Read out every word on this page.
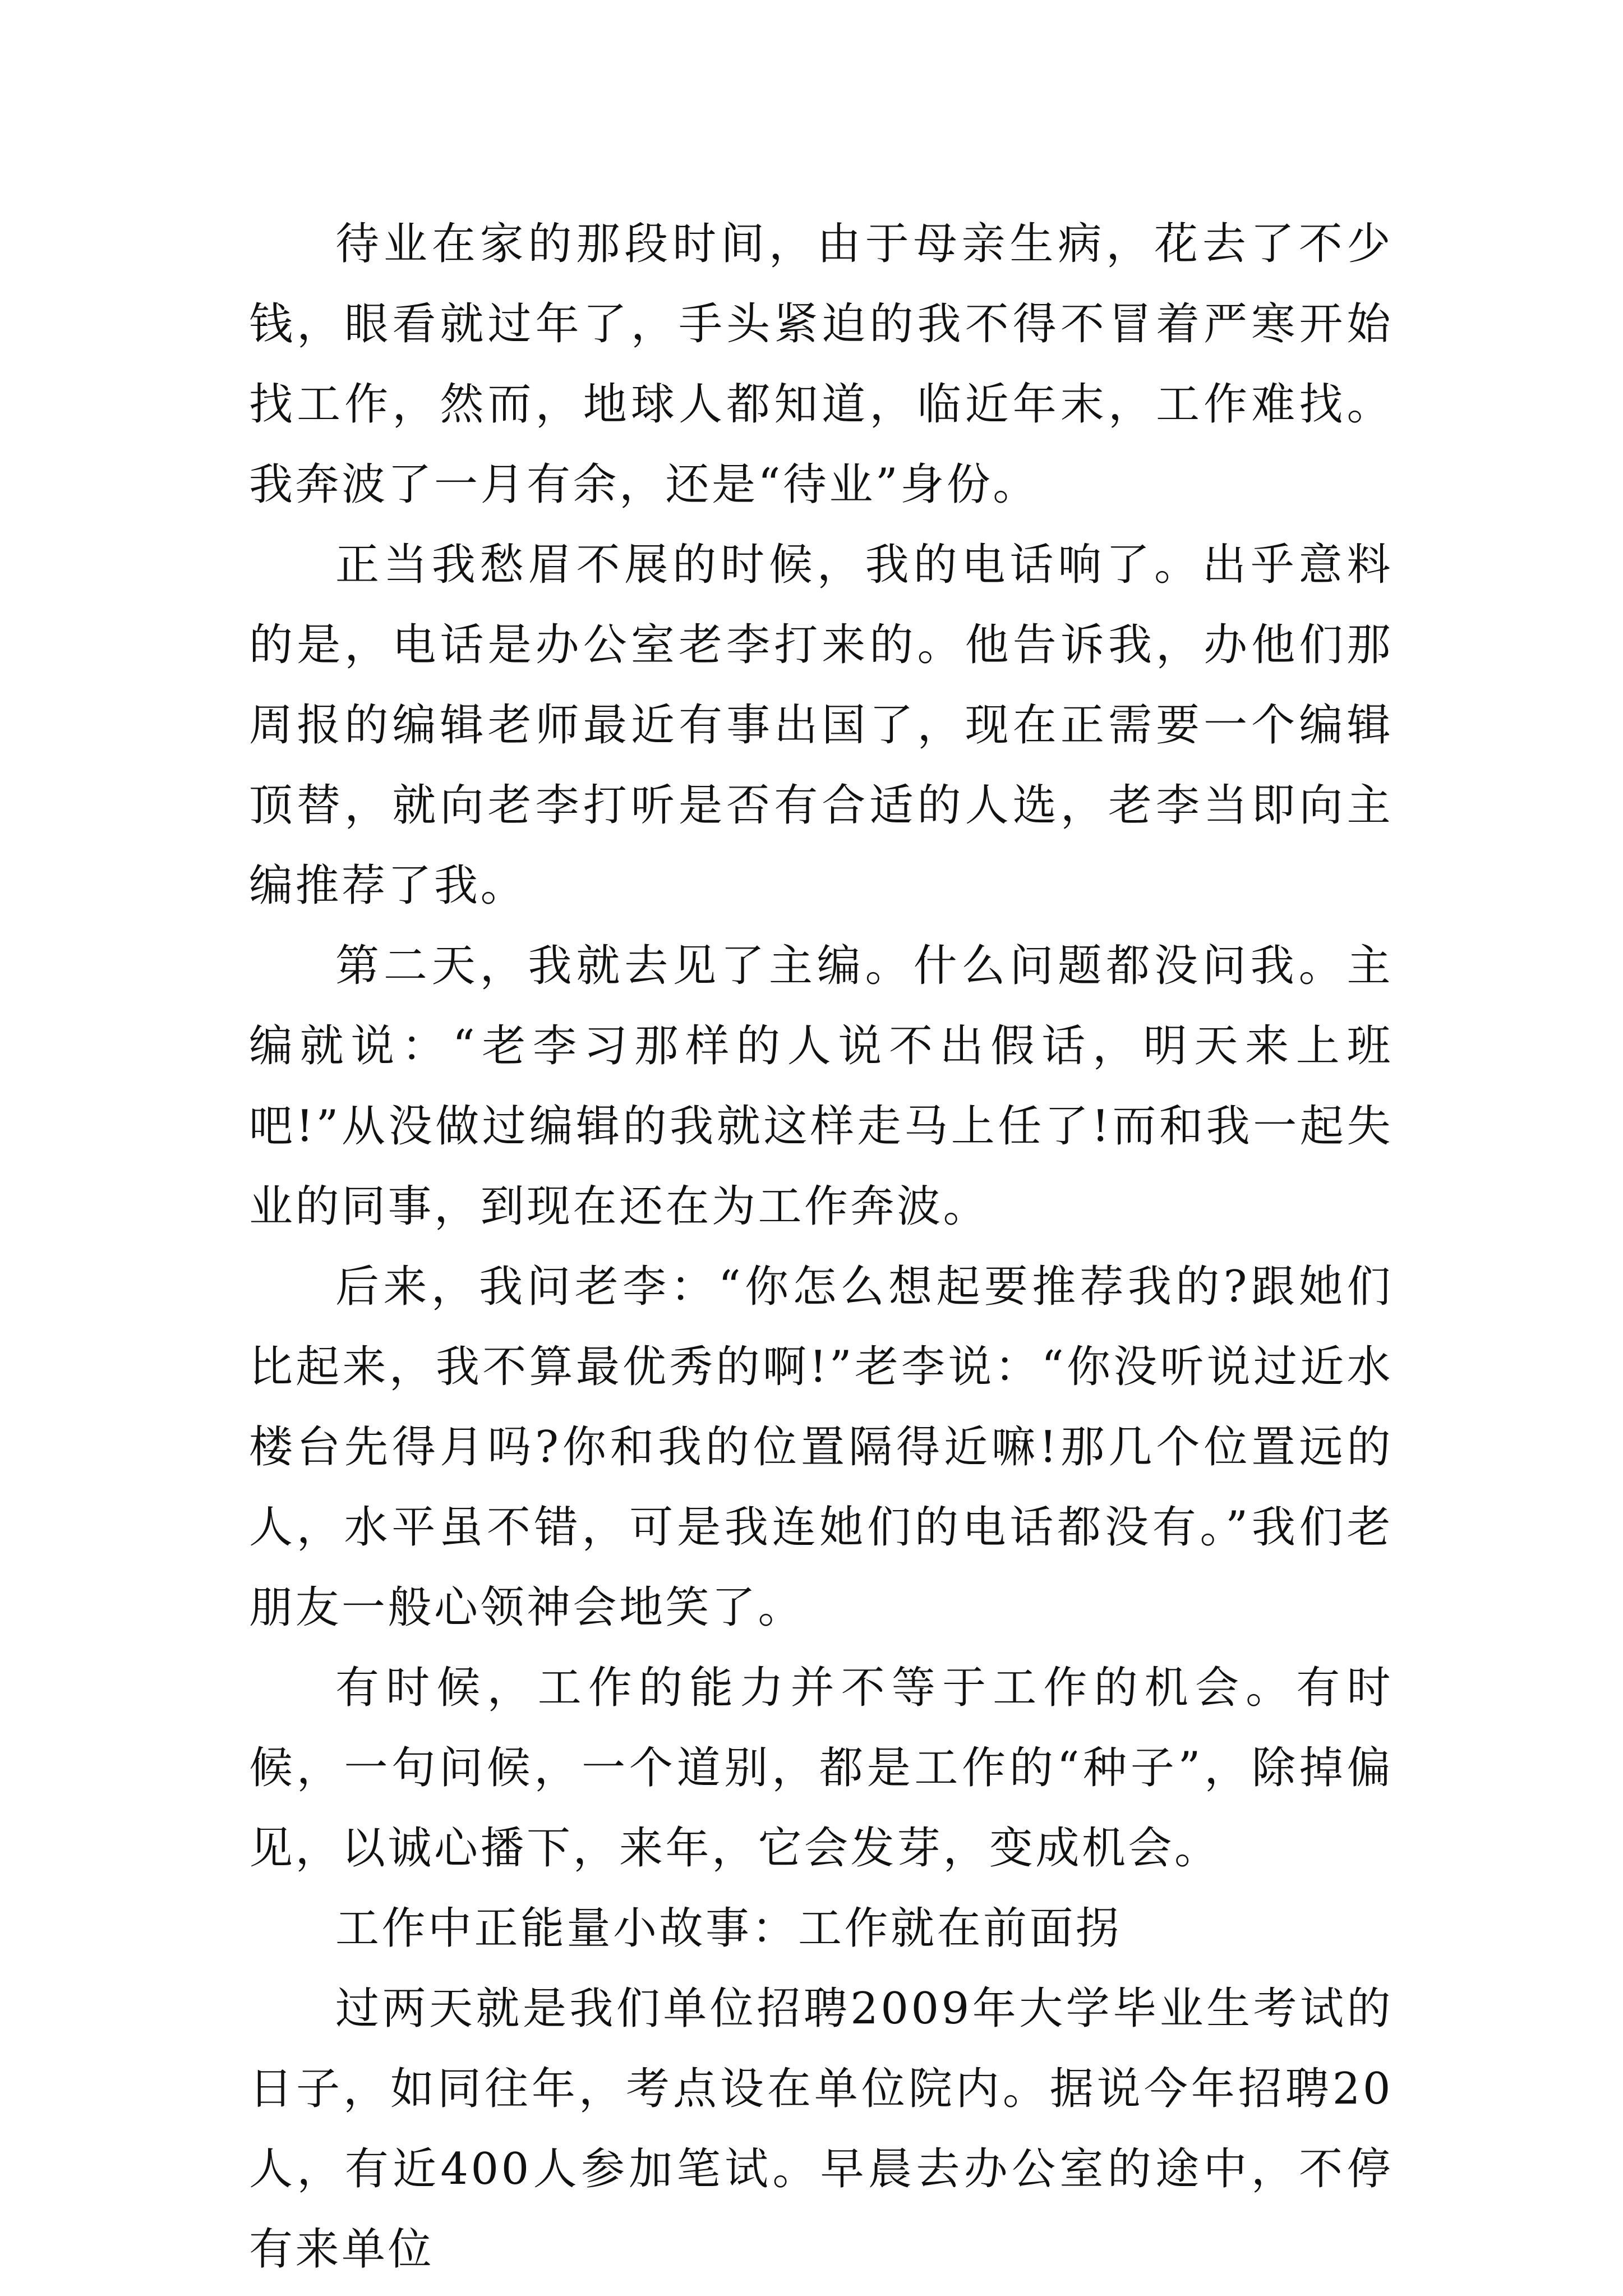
待业在家的那段时间，由于母亲生病，花去了不少钱，眼看就过年了，手头紧迫的我不得不冒着严寒开始找工作，然而，地球人都知道，临近年末，工作难找。我奔波了一月有余，还是“待业”身份。

正当我愁眉不展的时候，我的电话响了。出乎意料的是，电话是办公室老李打来的。他告诉我，办他们那周报的编辑老师最近有事出国了，现在正需要一个编辑顶替，就向老李打听是否有合适的人选，老李当即向主编推荐了我。

第二天，我就去见了主编。什么问题都没问我。主编就说：“老李习那样的人说不出假话，明天来上班吧!”从没做过编辑的我就这样走马上任了!而和我一起失业的同事，到现在还在为工作奔波。

后来，我问老李：“你怎么想起要推荐我的?跟她们比起来，我不算最优秀的啊!”老李说：“你没听说过近水楼台先得月吗?你和我的位置隔得近嘛!那几个位置远的人，水平虽不错，可是我连她们的电话都没有。”我们老朋友一般心领神会地笑了。

有时候，工作的能力并不等于工作的机会。有时候，一句问候，一个道别，都是工作的“种子”，除掉偏见，以诚心播下，来年，它会发芽，变成机会。

工作中正能量小故事：工作就在前面拐

过两天就是我们单位招聘2009年大学毕业生考试的日子，如同往年，考点设在单位院内。据说今年招聘20人，有近400人参加笔试。早晨去办公室的途中，不停有来单位
